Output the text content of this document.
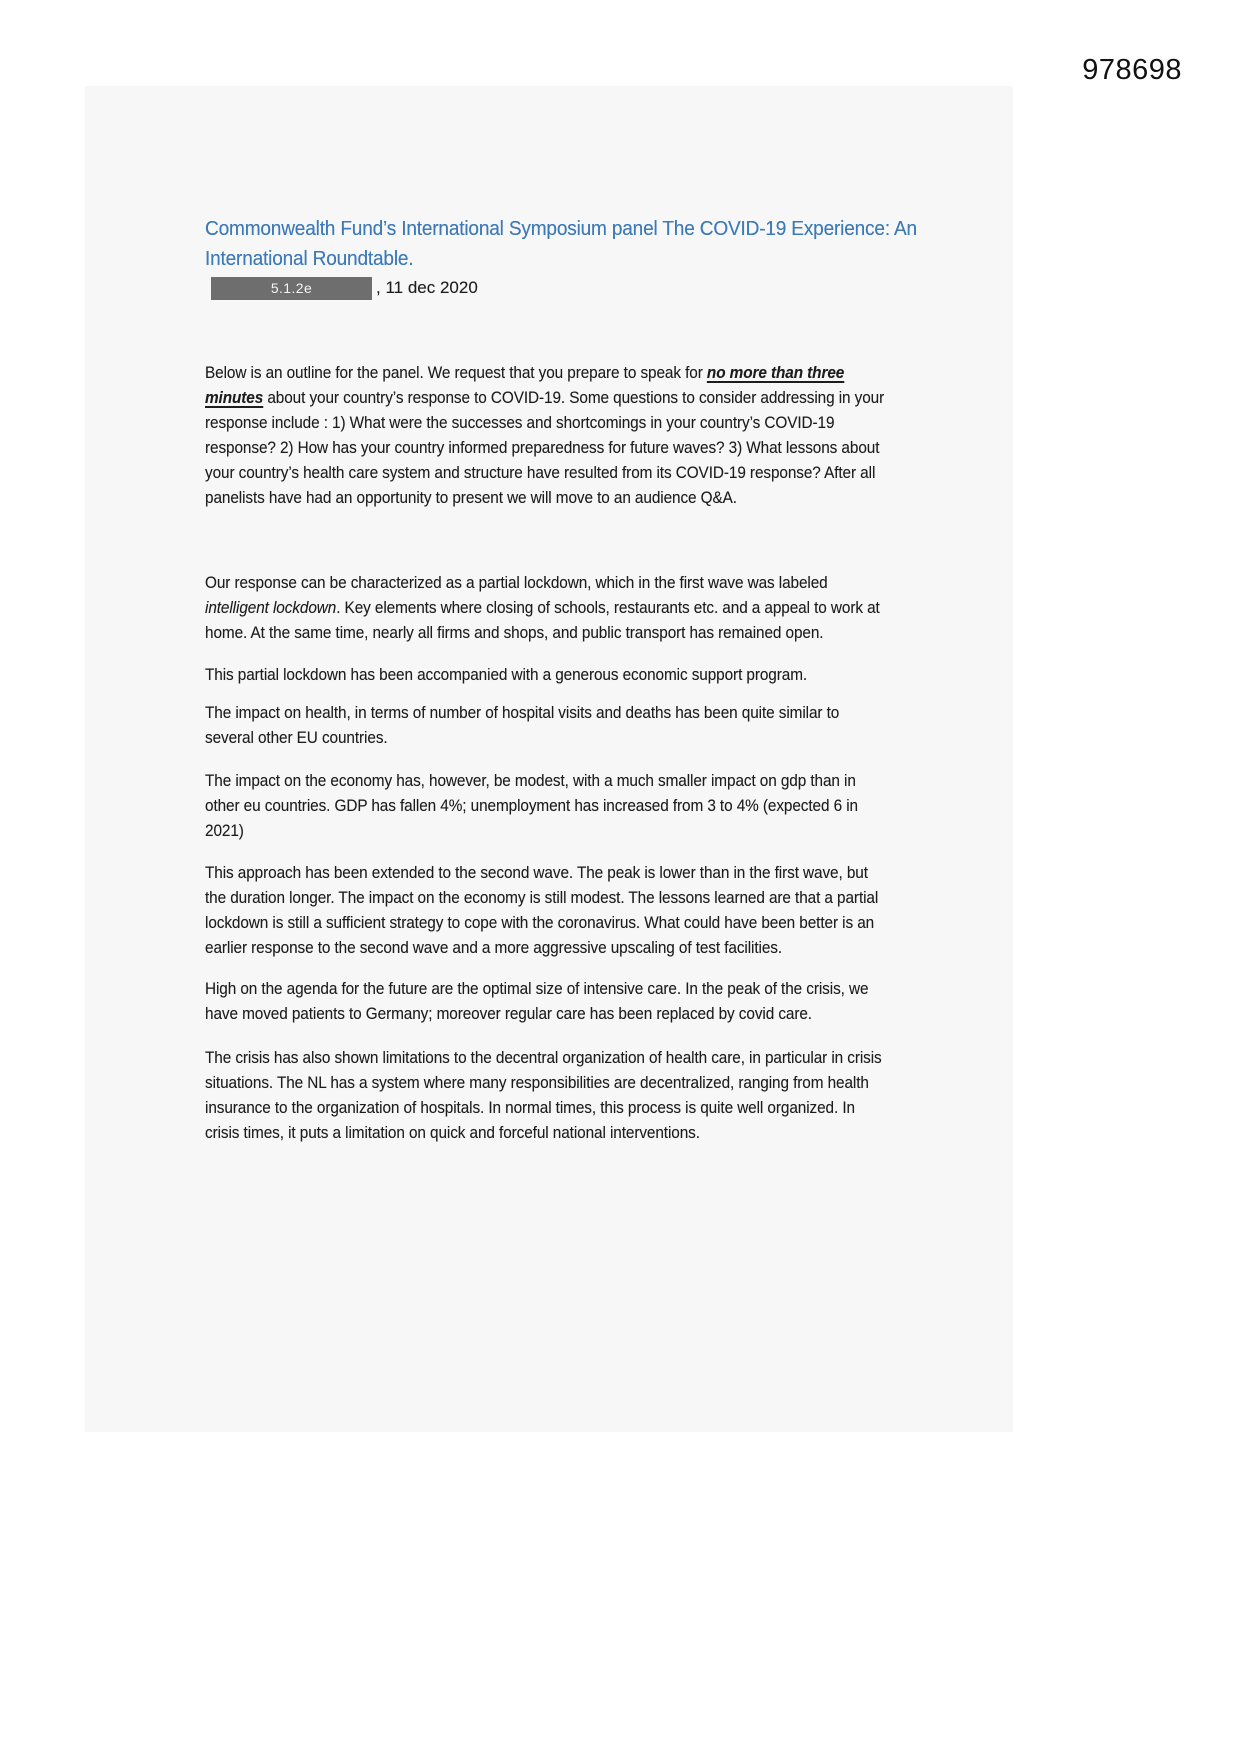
978698
Commonwealth Fund’s International Symposium panel The COVID-19 Experience: An
International Roundtable.
5.1.2e	, 11 dec 2020
Below is an outline for the panel. We request that you prepare to speak for no more than three
minutes about your country’s response to COVID-19. Some questions to consider addressing in your
response include : 1) What were the successes and shortcomings in your country’s COVID-19
response? 2) How has your country informed preparedness for future waves? 3) What lessons about
your country’s health care system and structure have resulted from its COVID-19 response? After all
panelists have had an opportunity to present we will move to an audience Q&A.
Our response can be characterized as a partial lockdown, which in the first wave was labeled
intelligent lockdown. Key elements where closing of schools, restaurants etc. and a appeal to work at
home. At the same time, nearly all firms and shops, and public transport has remained open.
This partial lockdown has been accompanied with a generous economic support program.
The impact on health, in terms of number of hospital visits and deaths has been quite similar to
several other EU countries.
The impact on the economy has, however, be modest, with a much smaller impact on gdp than in
other eu countries. GDP has fallen 4%; unemployment has increased from 3 to 4% (expected 6 in
2021)
This approach has been extended to the second wave. The peak is lower than in the first wave, but
the duration longer. The impact on the economy is still modest. The lessons learned are that a partial
lockdown is still a sufficient strategy to cope with the coronavirus. What could have been better is an
earlier response to the second wave and a more aggressive upscaling of test facilities.
High on the agenda for the future are the optimal size of intensive care. In the peak of the crisis, we
have moved patients to Germany; moreover regular care has been replaced by covid care.
The crisis has also shown limitations to the decentral organization of health care, in particular in crisis
situations. The NL has a system where many responsibilities are decentralized, ranging from health
insurance to the organization of hospitals. In normal times, this process is quite well organized. In
crisis times, it puts a limitation on quick and forceful national interventions.
